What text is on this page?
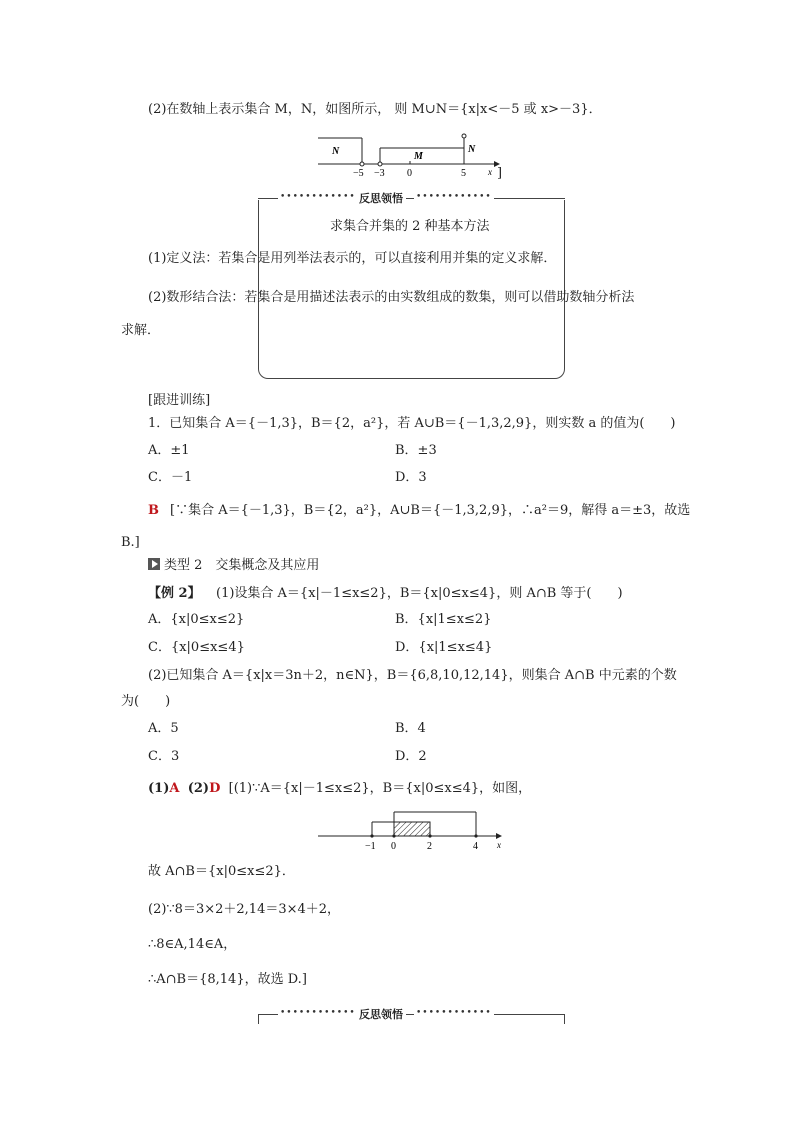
(2)在数轴上表示集合 M，N，如图所示， 则 M∪N＝{x|x<－5 或 x>－3}．
N	M
N
−5 −3 0	5 x ]
•••••••••••• 反思领悟	••••••••••••
求集合并集的 2 种基本方法
(1)定义法：若集合是用列举法表示的，可以直接利用并集的定义求解．
(2)数形结合法：若集合是用描述法表示的由实数组成的数集，则可以借助数轴分析法
求解．
[跟进训练]
1．已知集合 A＝{－1,3}，B＝{2，a²}，若 A∪B＝{－1,3,2,9}，则实数 a 的值为(　　)
A．±1	B．±3
C．－1	D．3
B [∵集合 A＝{－1,3}，B＝{2，a²}，A∪B＝{－1,3,2,9}，∴a²＝9，解得 a＝±3，故选
B.]
类型 2　交集概念及其应用
【例 2】 (1)设集合 A＝{x|－1≤x≤2}，B＝{x|0≤x≤4}，则 A∩B 等于(　　)
A．{x|0≤x≤2}	B．{x|1≤x≤2}
C．{x|0≤x≤4}	D．{x|1≤x≤4}
(2)已知集合 A＝{x|x＝3n＋2，n∈N}，B＝{6,8,10,12,14}，则集合 A∩B 中元素的个数
为(　　)
A．5	B．4
C．3	D．2
(1)A (2)D [(1)∵A＝{x|－1≤x≤2}，B＝{x|0≤x≤4}，如图，
−1 0	2	4 x
故 A∩B＝{x|0≤x≤2}．
(2)∵8＝3×2＋2,14＝3×4＋2，
∴8∈A,14∈A，
∴A∩B＝{8,14}，故选 D.]
•••••••••••• 反思领悟	••••••••••••
